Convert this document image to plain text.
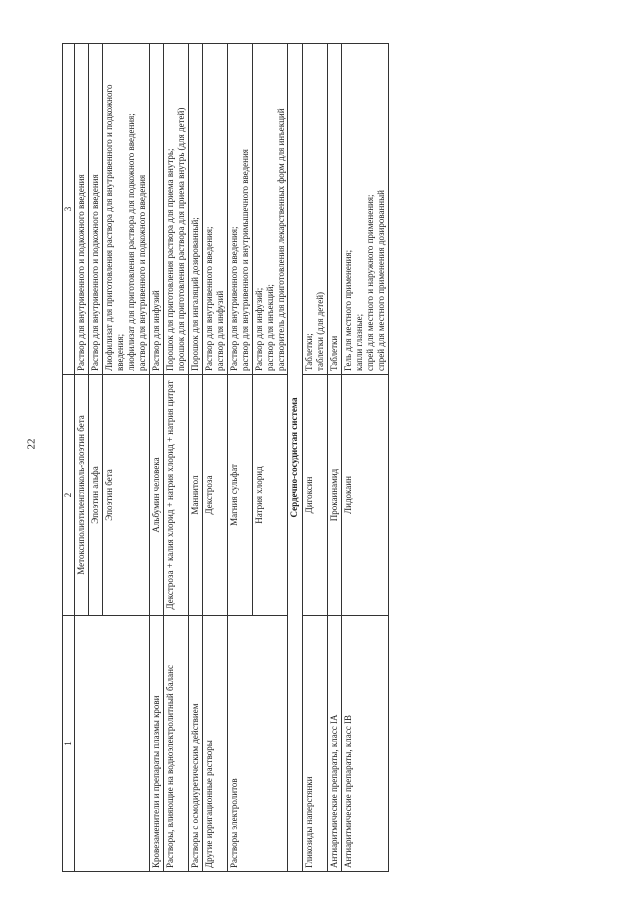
22
1	2	3

	Метоксиполиэтиленгликоль-эпоэтин бета	Раствор для внутривенного и подкожного введения

	Эпоэтин альфа	Раствор для внутривенного и подкожного введения

	Эпоэтин бета	Лиофилизат для приготовления раствора для внутривенного и подкожного введения; лиофилизат для приготовления раствора для подкожного введения; раствор для внутривенного и подкожного введения

Кровезаменители и препараты плазмы крови	Альбумин человека	Раствор для инфузий

Растворы, влияющие на водноэлектролитный баланс	Декстроза + калия хлорид + натрия хлорид + натрия цитрат	Порошок для приготовления раствора для приема внутрь; порошок для приготовления раствора для приема внутрь (для детей)

Растворы с осмодиуретическим действием	Маннитол	Порошок для ингаляций дозированный;

Другие ирригационные растворы	Декстроза	Раствор для внутривенного введения; раствор для инфузий

Растворы электролитов	Магния сульфат	Раствор для внутривенного введения; раствор для внутривенного и внутримышечного введения

	Натрия хлорид	Раствор для инфузий; раствор для инъекций; растворитель для приготовления лекарственных форм для инъекций

Сердечно-сосудистая система		
Гликозиды наперстянки	Дигоксин	Таблетки; таблетки (для детей)

Антиаритмические препараты, класс IA	Прокаинамид	Таблетки

Антиаритмические препараты, класс IB	Лидокаин	Гель для местного применения; капли глазные; спрей для местного и наружного применения; спрей для местного применения дозированный
